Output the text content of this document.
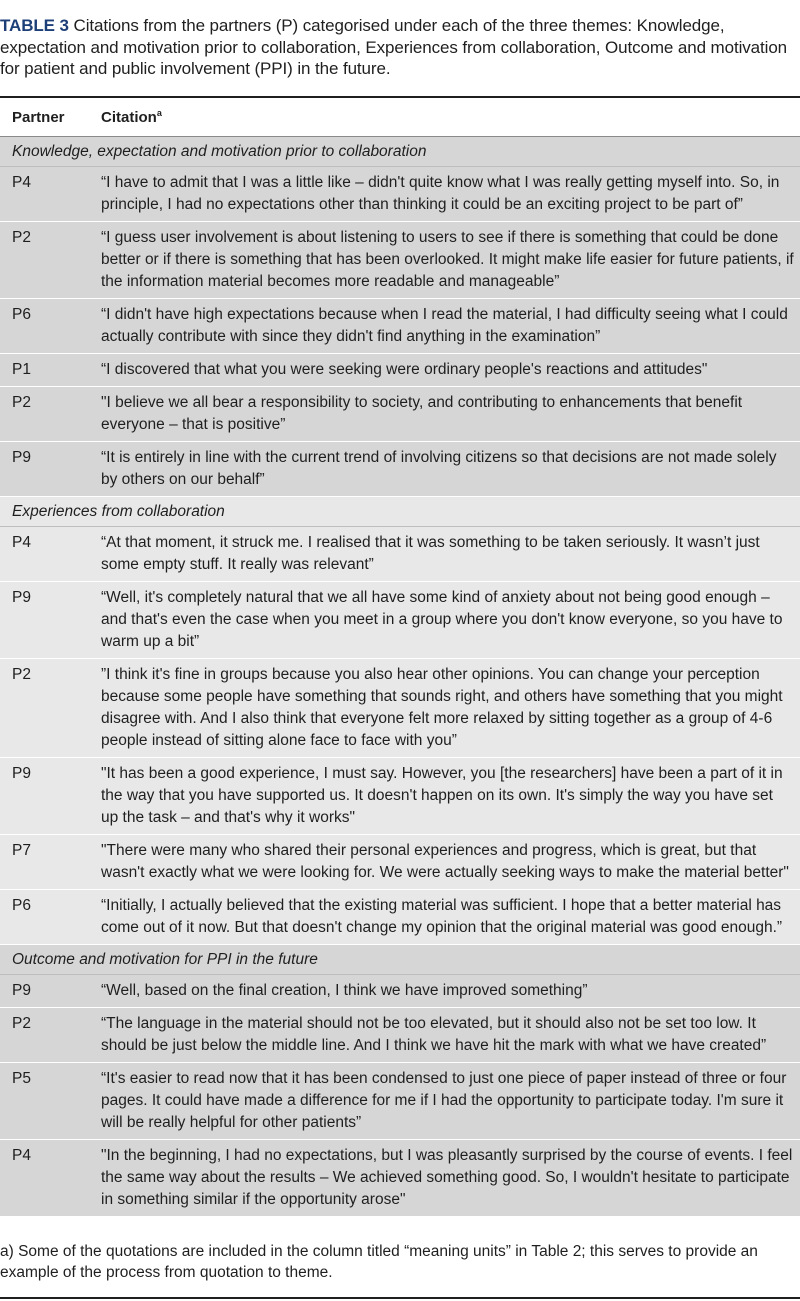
TABLE 3 Citations from the partners (P) categorised under each of the three themes: Knowledge, expectation and motivation prior to collaboration, Experiences from collaboration, Outcome and motivation for patient and public involvement (PPI) in the future.
Partner	Citation$^a$
Knowledge, expectation and motivation prior to collaboration	
P4	“I have to admit that I was a little like – didn't quite know what I was really getting myself into. So, in principle, I had no expectations other than thinking it could be an exciting project to be part of”
P2	“I guess user involvement is about listening to users to see if there is something that could be done better or if there is something that has been overlooked. It might make life easier for future patients, if the information material becomes more readable and manageable”
P6	“I didn't have high expectations because when I read the material, I had difficulty seeing what I could actually contribute with since they didn't find anything in the examination”
P1	“I discovered that what you were seeking were ordinary people's reactions and attitudes"
P2	"I believe we all bear a responsibility to society, and contributing to enhancements that benefit everyone – that is positive”
P9	“It is entirely in line with the current trend of involving citizens so that decisions are not made solely by others on our behalf”
Experiences from collaboration	
P4	“At that moment, it struck me. I realised that it was something to be taken seriously. It wasn’t just some empty stuff. It really was relevant”
P9	“Well, it's completely natural that we all have some kind of anxiety about not being good enough – and that's even the case when you meet in a group where you don't know everyone, so you have to warm up a bit”
P2	”I think it's fine in groups because you also hear other opinions. You can change your perception because some people have something that sounds right, and others have something that you might disagree with. And I also think that everyone felt more relaxed by sitting together as a group of 4-6 people instead of sitting alone face to face with you”
P9	"It has been a good experience, I must say. However, you [the researchers] have been a part of it in the way that you have supported us. It doesn't happen on its own. It's simply the way you have set up the task – and that's why it works"
P7	"There were many who shared their personal experiences and progress, which is great, but that wasn't exactly what we were looking for. We were actually seeking ways to make the material better"
P6	“Initially, I actually believed that the existing material was sufficient. I hope that a better material has come out of it now. But that doesn't change my opinion that the original material was good enough.”
Outcome and motivation for PPI in the future	
P9	“Well, based on the final creation, I think we have improved something”
P2	“The language in the material should not be too elevated, but it should also not be set too low. It should be just below the middle line. And I think we have hit the mark with what we have created”
P5	“It's easier to read now that it has been condensed to just one piece of paper instead of three or four pages. It could have made a difference for me if I had the opportunity to participate today. I'm sure it will be really helpful for other patients”
P4	"In the beginning, I had no expectations, but I was pleasantly surprised by the course of events. I feel the same way about the results – We achieved something good. So, I wouldn't hesitate to participate in something similar if the opportunity arose"
a) Some of the quotations are included in the column titled “meaning units” in Table 2; this serves to provide an example of the process from quotation to theme.
